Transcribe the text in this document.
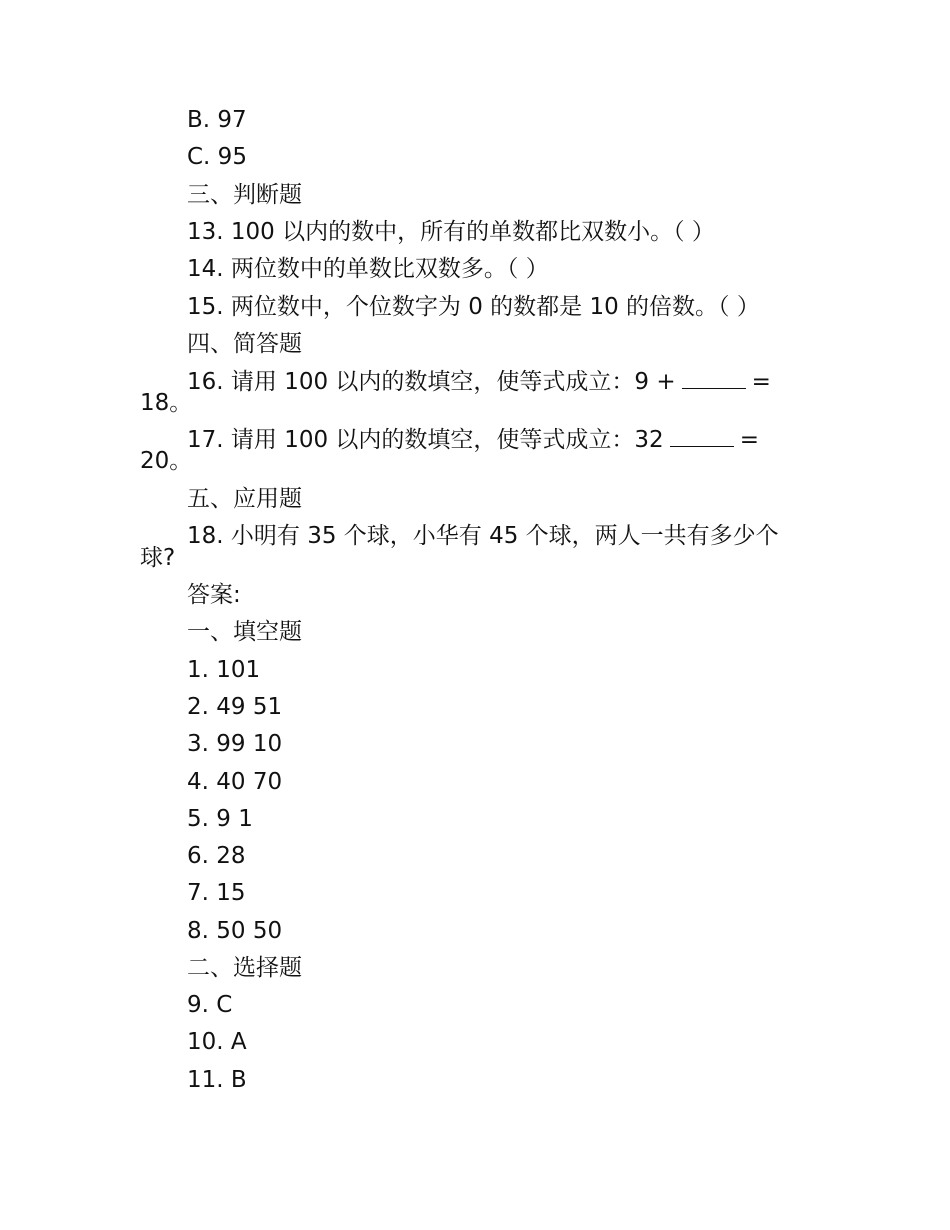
B. 97
C. 95
三、判断题
13. 100 以内的数中，所有的单数都比双数小。（ ）
14. 两位数中的单数比双数多。（ ）
15. 两位数中，个位数字为 0 的数都是 10 的倍数。（ ）
四、简答题
16. 请用 100 以内的数填空，使等式成立：9 +	=
18。
17. 请用 100 以内的数填空，使等式成立：32	=
20。
五、应用题
18. 小明有 35 个球，小华有 45 个球，两人一共有多少个
球?
答案:
一、填空题
1. 101
2. 49 51
3. 99 10
4. 40 70
5. 9 1
6. 28
7. 15
8. 50 50
二、选择题
9. C
10. A
11. B
